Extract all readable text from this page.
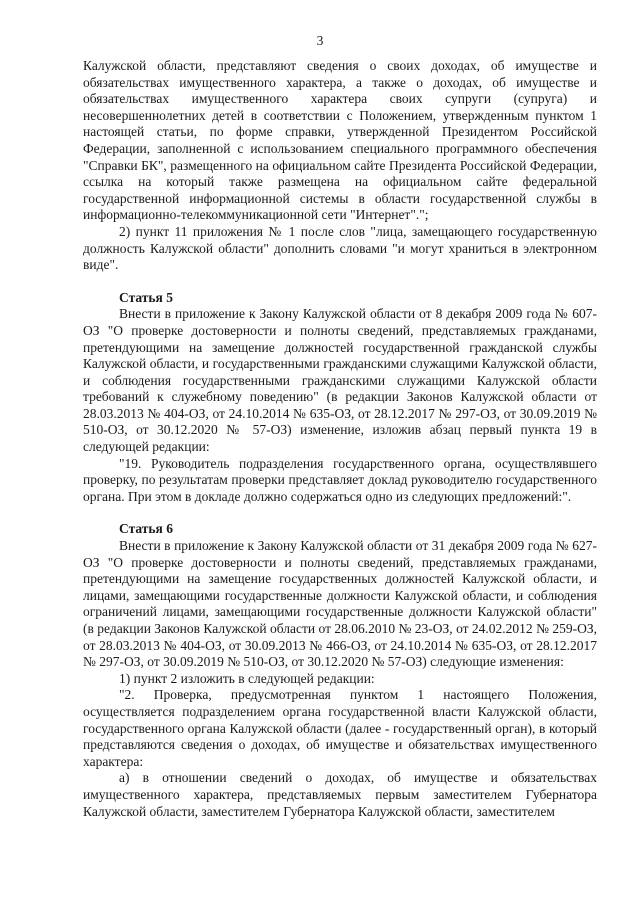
3

Калужской области, представляют сведения о своих доходах, об имуществе и обязательствах имущественного характера, а также о доходах, об имуществе и обязательствах имущественного характера своих супруги (супруга) и несовершеннолетних детей в соответствии с Положением, утвержденным пунктом 1 настоящей статьи, по форме справки, утвержденной Президентом Российской Федерации, заполненной с использованием специального программного обеспечения "Справки БК", размещенного на официальном сайте Президента Российской Федерации, ссылка на который также размещена на официальном сайте федеральной государственной информационной системы в области государственной службы в информационно-телекоммуникационной сети "Интернет".";

2) пункт 11 приложения № 1 после слов "лица, замещающего государственную должность Калужской области" дополнить словами "и могут храниться в электронном виде".

Статья 5

Внести в приложение к Закону Калужской области от 8 декабря 2009 года № 607-ОЗ "О проверке достоверности и полноты сведений, представляемых гражданами, претендующими на замещение должностей государственной гражданской службы Калужской области, и государственными гражданскими служащими Калужской области, и соблюдения государственными гражданскими служащими Калужской области требований к служебному поведению" (в редакции Законов Калужской области от 28.03.2013 № 404-ОЗ, от 24.10.2014 № 635-ОЗ, от 28.12.2017 № 297-ОЗ, от 30.09.2019 № 510-ОЗ, от 30.12.2020 № 57-ОЗ) изменение, изложив абзац первый пункта 19 в следующей редакции:

"19. Руководитель подразделения государственного органа, осуществлявшего проверку, по результатам проверки представляет доклад руководителю государственного органа. При этом в докладе должно содержаться одно из следующих предложений:".

Статья 6

Внести в приложение к Закону Калужской области от 31 декабря 2009 года № 627-ОЗ "О проверке достоверности и полноты сведений, представляемых гражданами, претендующими на замещение государственных должностей Калужской области, и лицами, замещающими государственные должности Калужской области, и соблюдения ограничений лицами, замещающими государственные должности Калужской области" (в редакции Законов Калужской области от 28.06.2010 № 23-ОЗ, от 24.02.2012 № 259-ОЗ, от 28.03.2013 № 404-ОЗ, от 30.09.2013 № 466-ОЗ, от 24.10.2014 № 635-ОЗ, от 28.12.2017 № 297-ОЗ, от 30.09.2019 № 510-ОЗ, от 30.12.2020 № 57-ОЗ) следующие изменения:

1) пункт 2 изложить в следующей редакции:

"2. Проверка, предусмотренная пунктом 1 настоящего Положения, осуществляется подразделением органа государственной власти Калужской области, государственного органа Калужской области (далее - государственный орган), в который представляются сведения о доходах, об имуществе и обязательствах имущественного характера:

а) в отношении сведений о доходах, об имуществе и обязательствах имущественного характера, представляемых первым заместителем Губернатора Калужской области, заместителем Губернатора Калужской области, заместителем
